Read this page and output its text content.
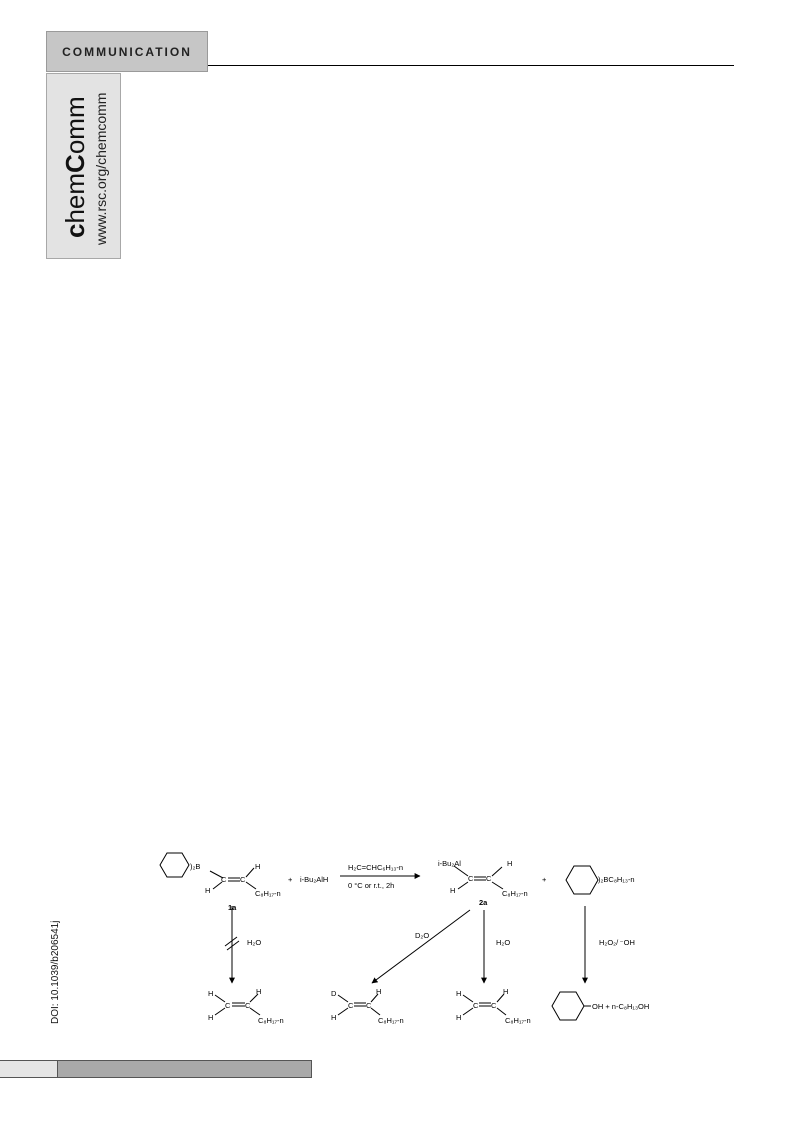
COMMUNICATION
chemComm www.rsc.org/chemcomm
DOI: 10.1039/b206541j
)₂B	H
H
C C
C₈H₁₇-n
1a
+ i-Bu₂AlH
H₂C=CHC₆H₁₃-n
0 °C or r.t., 2h
i-Bu₂Al	H
H
C C
C₈H₁₇-n
2a
+	)₂BC₈H₁₃-n
H₂O
D₂O
H₂O	H₂O₂/ ⁻OH
H
H
C C
H
C₈H₁₇-n
D
H
C C
H
C₈H₁₇-n
H
H
C C
H
C₈H₁₇-n
OH + n-C₈H₁₃OH
